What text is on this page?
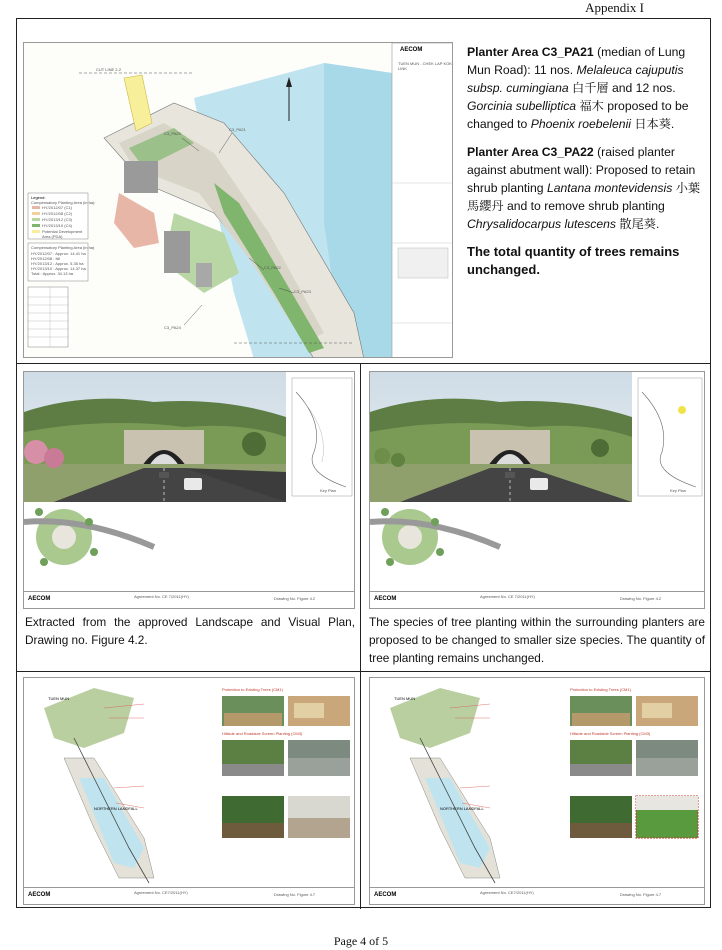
Appendix I
AECOM
TUEN MUN - CHEK LAP KOK LINK
CUT LINE 2-2
C3_PA20
C3_PA21
C3_PA22
C3_PA23
C3_PA24
Legend:
Compensatory Planting Area (in ha):
HY/2012/07 (C1)
HY/2012/08 (C2)
HY/2013/12 (C3)
HY/2013/10 (C4)
Potential Development Area (PDA)
Compensatory Planting Area (in ha)
HY/2012/07 : Approx. 14.41 ha
HY/2012/08 : Nil
HY/2013/12 : Approx. 5.35 ha
HY/2013/10 : Approx. 14.37 ha
Total : Approx. 34.13 ha

Planter Area C3_PA21 (median of Lung Mun Road): 11 nos. Melaleuca cajuputis subsp. cumingiana 白千層 and 12 nos. Gorcinia subelliptica 福木 proposed to be changed to Phoenix roebelenii 日本葵.

Planter Area C3_PA22 (raised planter against abutment wall): Proposed to retain shrub planting Lantana montevidensis 小葉馬纓丹 and to remove shrub planting Chrysalidocarpus lutescens 散尾葵.

The total quantity of trees remains unchanged.

AECOM	Agreement No. CE 7/2011(HY)	Drawing No. Figure 4.2
Key Plan
Extracted from the approved Landscape and Visual Plan, Drawing no. Figure 4.2.
AECOM	Agreement No. CE 7/2011(HY)	Drawing No. Figure 4.2
Key Plan
The species of tree planting within the surrounding planters are proposed to be changed to smaller size species. The quantity of tree planting remains unchanged.
TUEN MUN
NORTHERN LANDFALL
Protection to Existing Trees (CM1)
Hillside and Roadside Screen Planting (CM3)
AECOM	Agreement No. CE7/2011(HY)	Drawing No. Figure 4.7
TUEN MUN
NORTHERN LANDFALL
Protection to Existing Trees (CM1)
Hillside and Roadside Screen Planting (CM3)
AECOM	Agreement No. CE7/2011(HY)	Drawing No. Figure 4.7
Page 4 of 5
